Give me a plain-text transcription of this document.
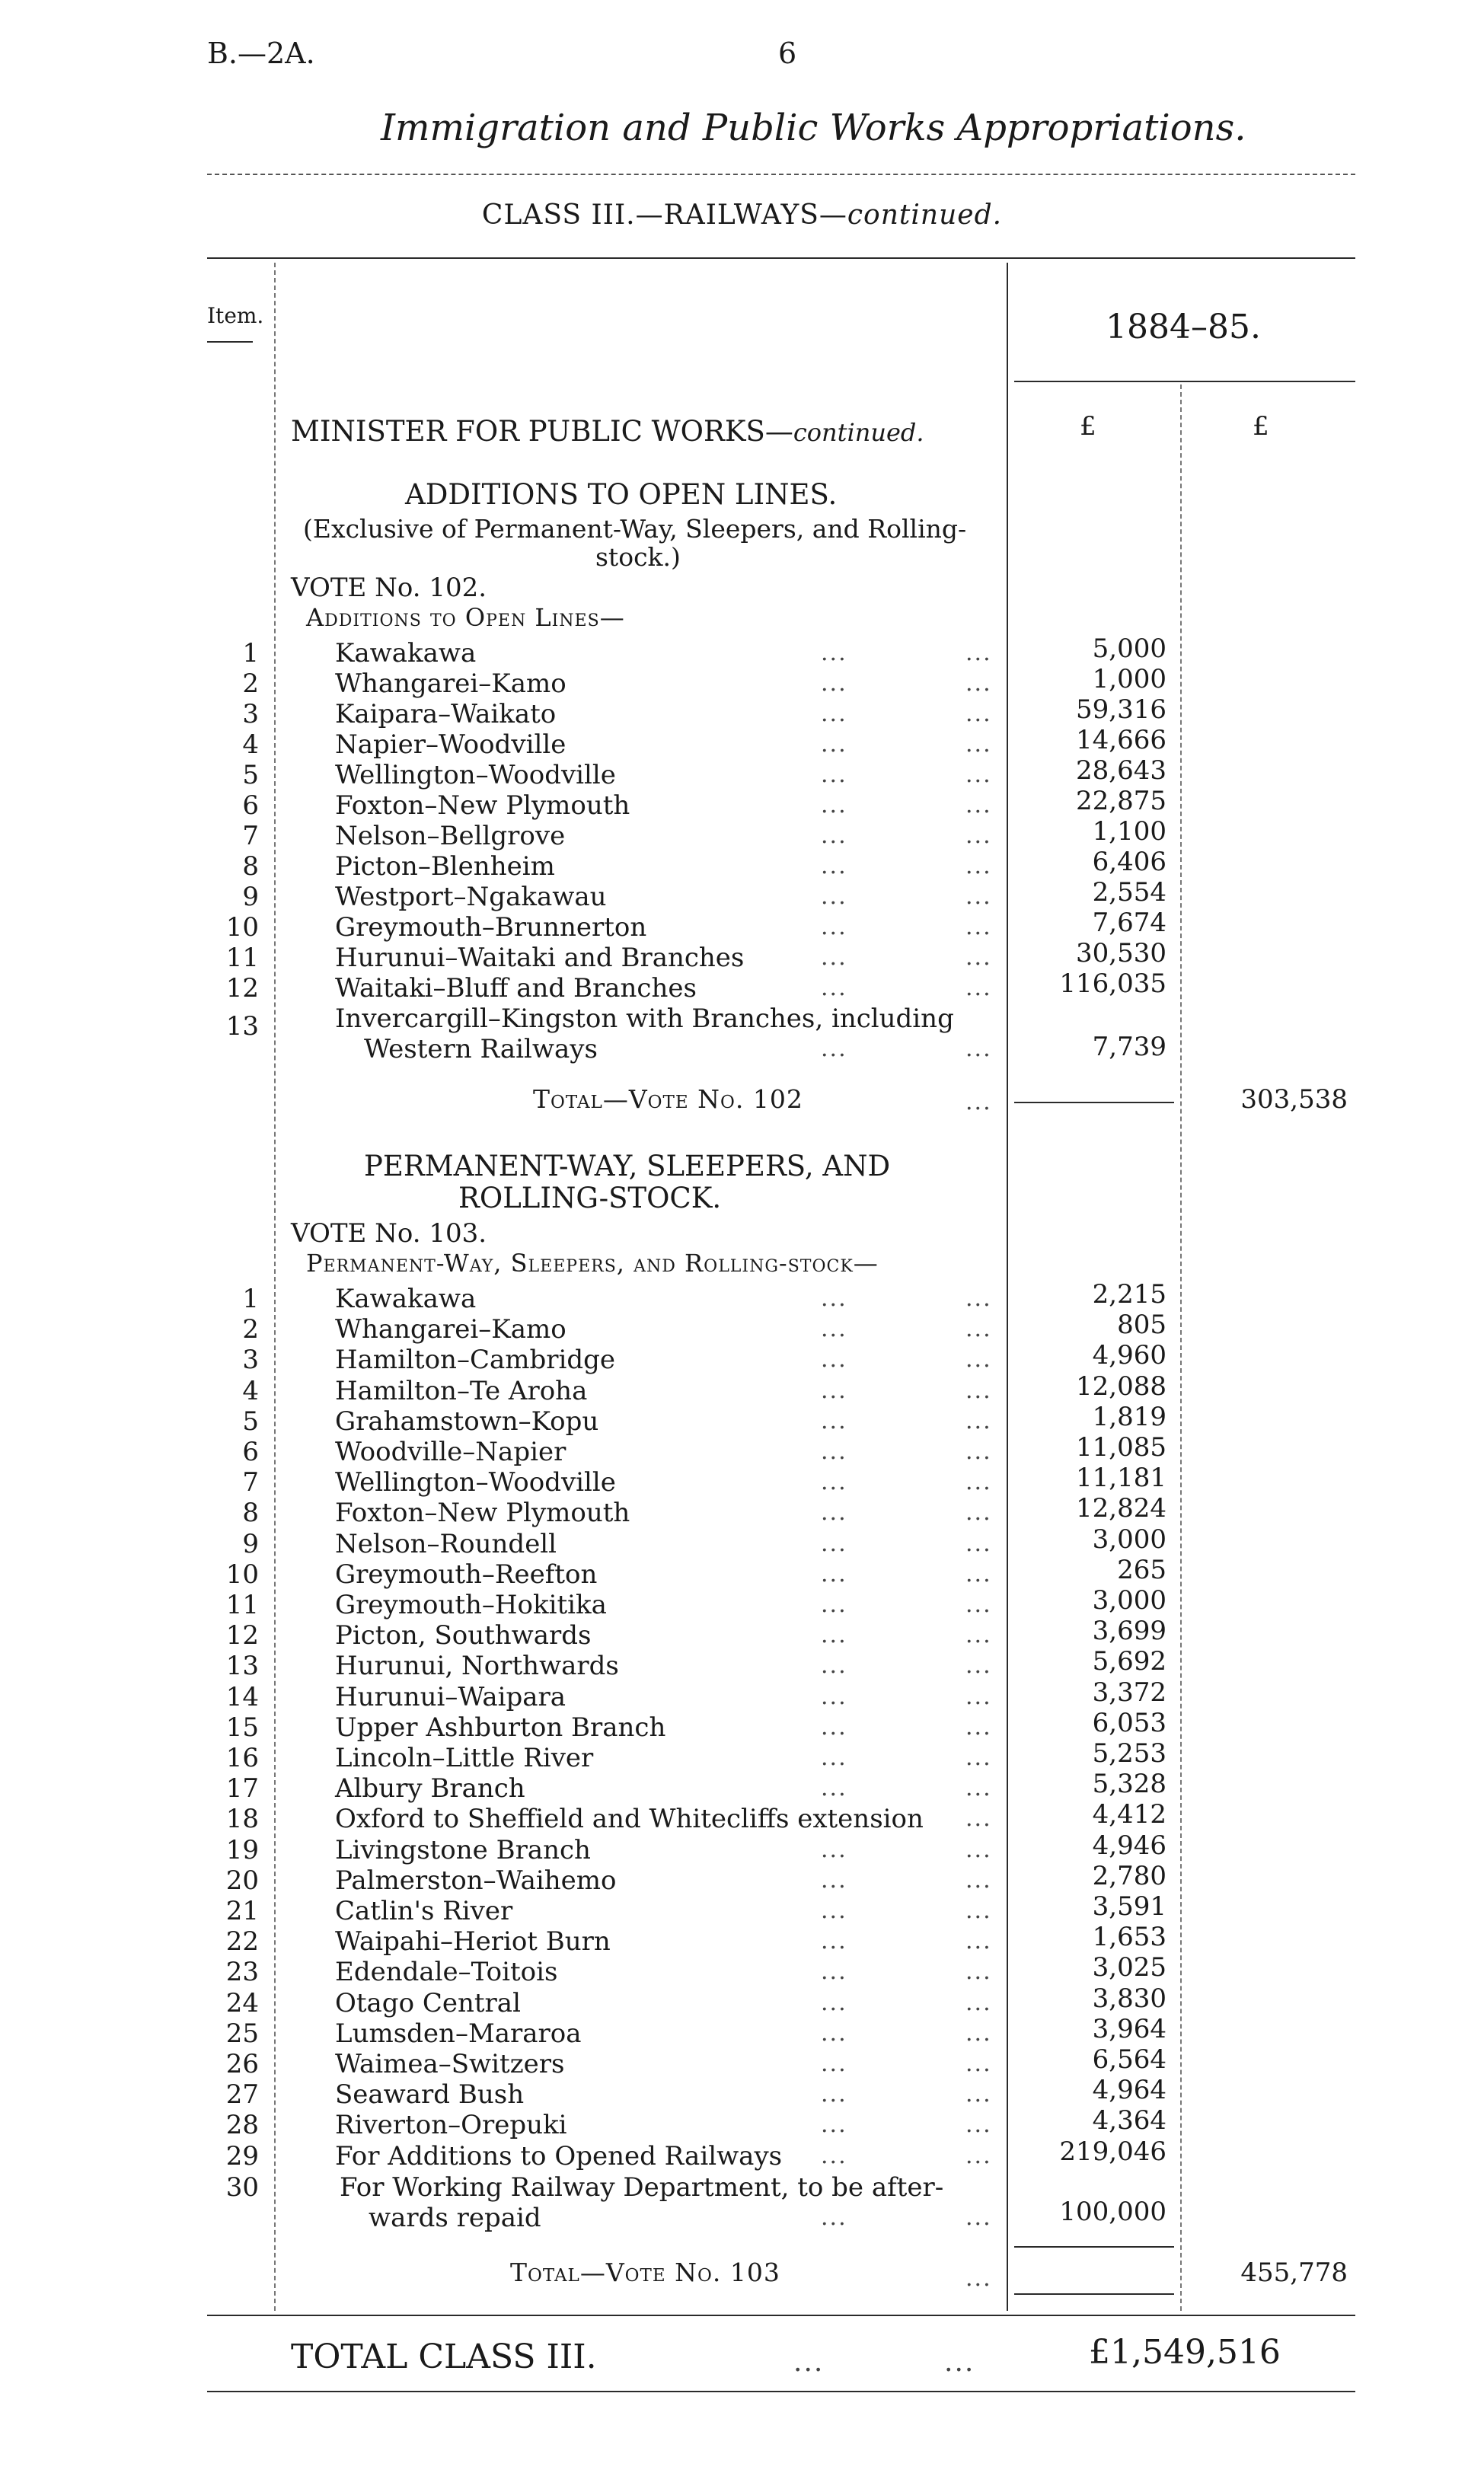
B.—2A.	6
Immigration and Public Works Appropriations.
CLASS III.—RAILWAYS—continued.
Item.	1884–85.
£	£
MINISTER FOR PUBLIC WORKS—continued.
ADDITIONS TO OPEN LINES.
(Exclusive of Permanent-Way, Sleepers, and Rolling-
stock.)
VOTE No. 102.
Additions to Open Lines—
1	Kawakawa	...	...	5,000
2	Whangarei–Kamo	...	...	1,000
3	Kaipara–Waikato	...	...	59,316
4	Napier–Woodville	...	...	14,666
5	Wellington–Woodville	...	...	28,643
6	Foxton–New Plymouth	...	...	22,875
7	Nelson–Bellgrove	...	...	1,100
8	Picton–Blenheim	...	...	6,406
9	Westport–Ngakawau	...	...	2,554
10	Greymouth–Brunnerton	...	...	7,674
11	Hurunui–Waitaki and Branches	...	...	30,530
12	Waitaki–Bluff and Branches	...	...	116,035
13	Invercargill–Kingston with Branches, including
Western Railways	...	...	7,739
Total—Vote No. 102	...	303,538
PERMANENT-WAY, SLEEPERS, AND
ROLLING-STOCK.
VOTE No. 103.
Permanent-Way, Sleepers, and Rolling-stock—
1	Kawakawa	...	...	2,215
2	Whangarei–Kamo	...	...	805
3	Hamilton–Cambridge	...	...	4,960
4	Hamilton–Te Aroha	...	...	12,088
5	Grahamstown–Kopu	...	...	1,819
6	Woodville–Napier	...	...	11,085
7	Wellington–Woodville	...	...	11,181
8	Foxton–New Plymouth	...	...	12,824
9	Nelson–Roundell	...	...	3,000
10	Greymouth–Reefton	...	...	265
11	Greymouth–Hokitika	...	...	3,000
12	Picton, Southwards	...	...	3,699
13	Hurunui, Northwards	...	...	5,692
14	Hurunui–Waipara	...	...	3,372
15	Upper Ashburton Branch	...	...	6,053
16	Lincoln–Little River	...	...	5,253
17	Albury Branch	...	...	5,328
18	Oxford to Sheffield and Whitecliffs extension ...	4,412
19	Livingstone Branch	...	...	4,946
20	Palmerston–Waihemo	...	...	2,780
21	Catlin's River	...	...	3,591
22	Waipahi–Heriot Burn	...	...	1,653
23	Edendale–Toitois	...	...	3,025
24	Otago Central	...	...	3,830
25	Lumsden–Mararoa	...	...	3,964
26	Waimea–Switzers	...	...	6,564
27	Seaward Bush	...	...	4,964
28	Riverton–Orepuki	...	...	4,364
29	For Additions to Opened Railways ...	...	219,046
30	For Working Railway Department, to be after-
wards repaid	...	...	100,000
Total—Vote No. 103	...	455,778
TOTAL CLASS III.	...	...	£1,549,516
